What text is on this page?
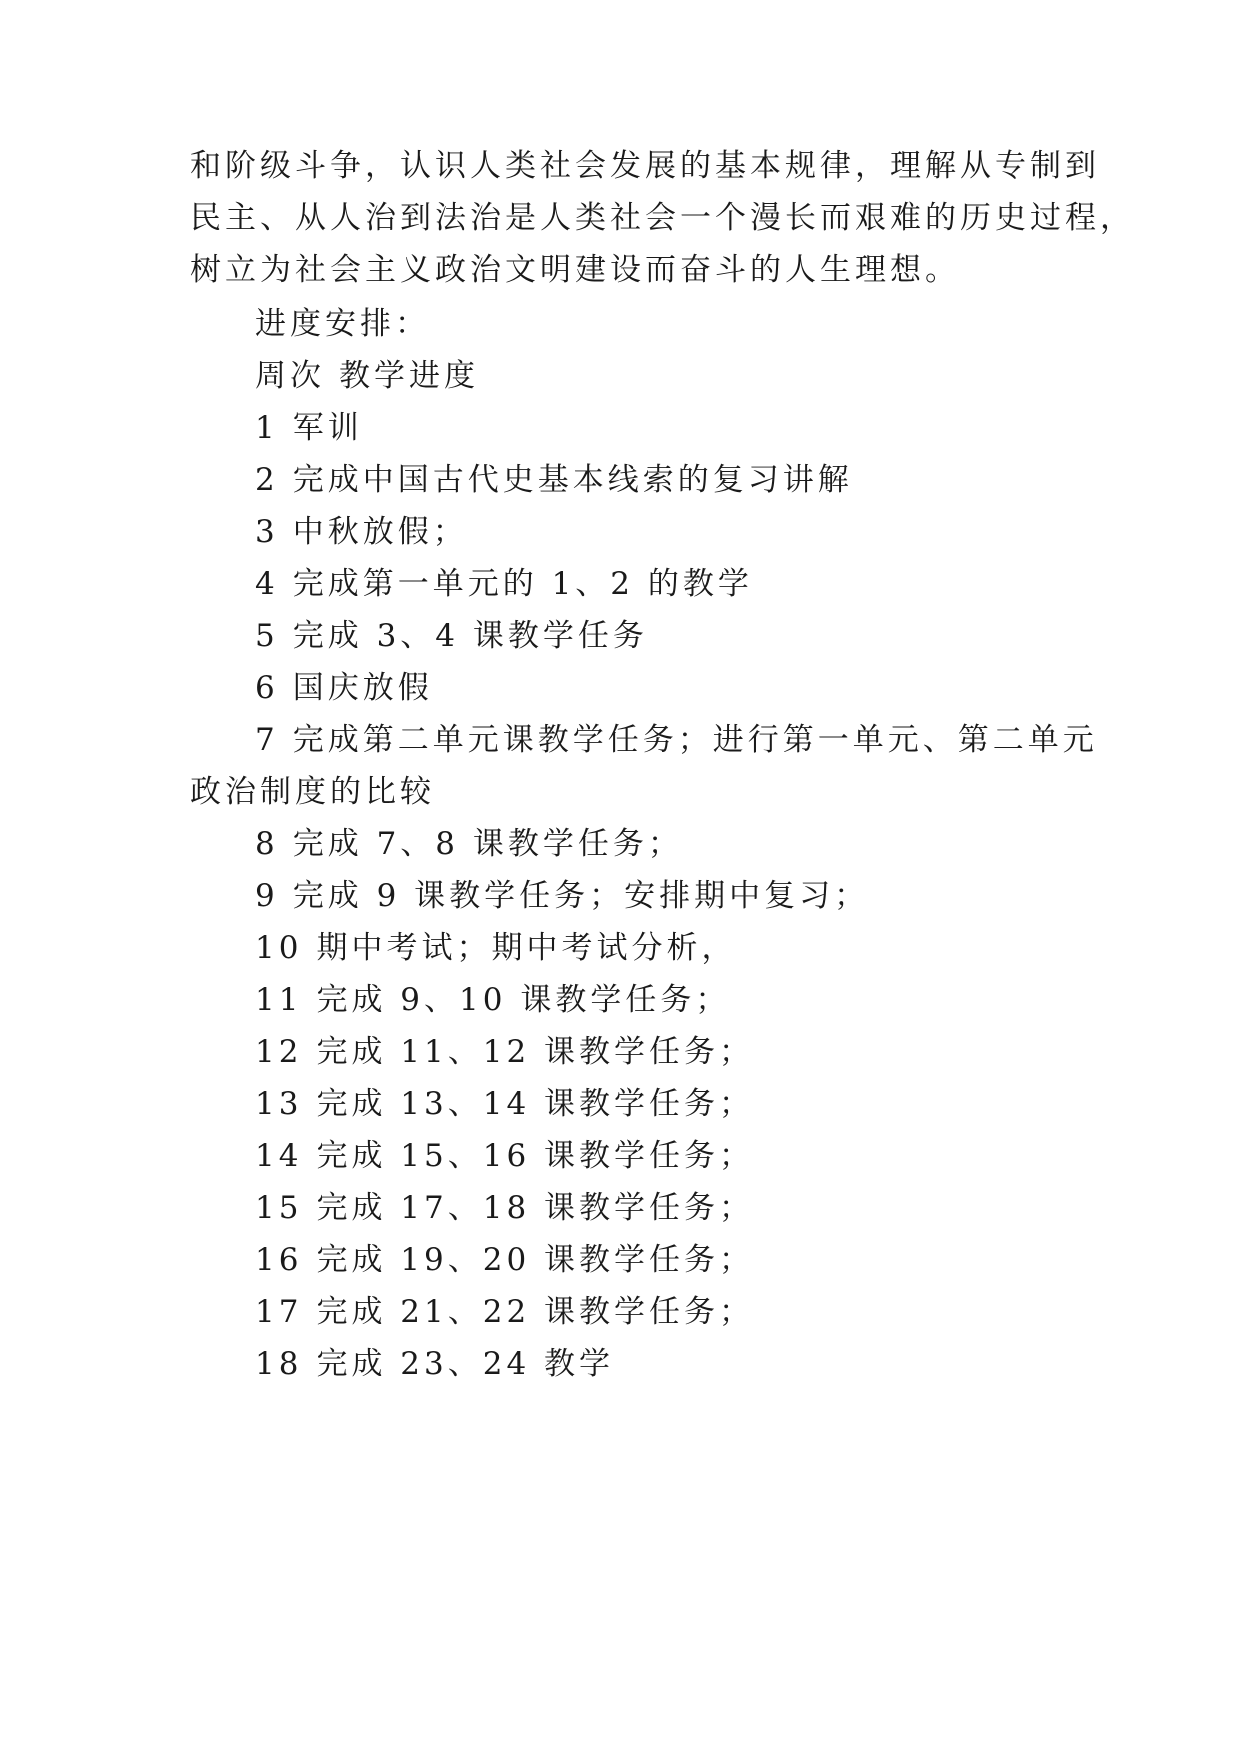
和阶级斗争，认识人类社会发展的基本规律，理解从专制到
民主、从人治到法治是人类社会一个漫长而艰难的历史过程，
树立为社会主义政治文明建设而奋斗的人生理想。
进度安排：
周次 教学进度
1 军训
2 完成中国古代史基本线索的复习讲解
3 中秋放假；
4 完成第一单元的 1、2 的教学
5 完成 3、4 课教学任务
6 国庆放假
7 完成第二单元课教学任务；进行第一单元、第二单元
政治制度的比较
8 完成 7、8 课教学任务；
9 完成 9 课教学任务；安排期中复习；
10 期中考试；期中考试分析，
11 完成 9、10 课教学任务；
12 完成 11、12 课教学任务；
13 完成 13、14 课教学任务；
14 完成 15、16 课教学任务；
15 完成 17、18 课教学任务；
16 完成 19、20 课教学任务；
17 完成 21、22 课教学任务；
18 完成 23、24 教学
